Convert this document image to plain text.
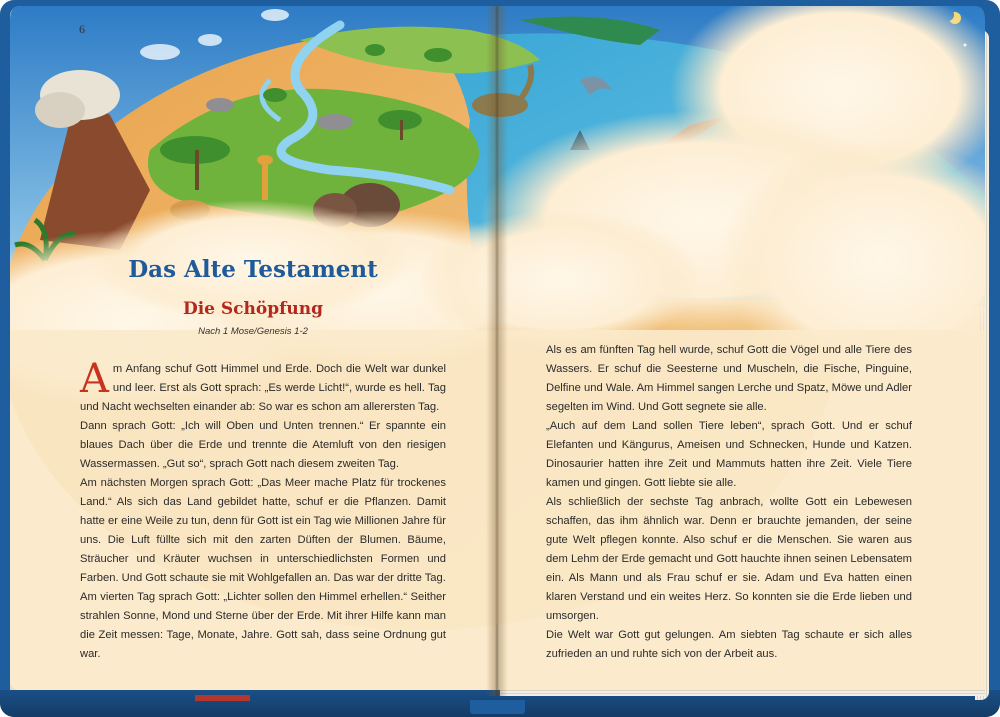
6
Das Alte Testament
Die Schöpfung

Nach 1 Mose/Genesis 1-2

Am Anfang schuf Gott Himmel und Erde. Doch die Welt war dunkel und leer. Erst als Gott sprach: „Es werde Licht!“, wurde es hell. Tag und Nacht wechselten einander ab: So war es schon am allerersten Tag.

Dann sprach Gott: „Ich will Oben und Unten trennen.“ Er spannte ein blaues Dach über die Erde und trennte die Atemluft von den riesigen Wassermassen. „Gut so“, sprach Gott nach diesem zweiten Tag.

Am nächsten Morgen sprach Gott: „Das Meer mache Platz für trockenes Land.“ Als sich das Land gebildet hatte, schuf er die Pflanzen. Damit hatte er eine Weile zu tun, denn für Gott ist ein Tag wie Millionen Jahre für uns. Die Luft füllte sich mit den zarten Düften der Blumen. Bäume, Sträucher und Kräuter wuchsen in unterschiedlichsten Formen und Farben. Und Gott schaute sie mit Wohlgefallen an. Das war der dritte Tag.

Am vierten Tag sprach Gott: „Lichter sollen den Himmel erhellen.“ Seither strahlen Sonne, Mond und Sterne über der Erde. Mit ihrer Hilfe kann man die Zeit messen: Tage, Monate, Jahre. Gott sah, dass seine Ordnung gut war.

Als es am fünften Tag hell wurde, schuf Gott die Vögel und alle Tiere des Wassers. Er schuf die Seesterne und Muscheln, die Fische, Pinguine, Delfine und Wale. Am Himmel sangen Lerche und Spatz, Möwe und Adler segelten im Wind. Und Gott segnete sie alle.

„Auch auf dem Land sollen Tiere leben“, sprach Gott. Und er schuf Elefanten und Kängurus, Ameisen und Schnecken, Hunde und Katzen. Dinosaurier hatten ihre Zeit und Mammuts hatten ihre Zeit. Viele Tiere kamen und gingen. Gott liebte sie alle.

Als schließlich der sechste Tag anbrach, wollte Gott ein Lebewesen schaffen, das ihm ähnlich war. Denn er brauchte jemanden, der seine gute Welt pflegen konnte. Also schuf er die Menschen. Sie waren aus dem Lehm der Erde gemacht und Gott hauchte ihnen seinen Lebensatem ein. Als Mann und als Frau schuf er sie. Adam und Eva hatten einen klaren Verstand und ein weites Herz. So konnten sie die Erde lieben und umsorgen.

Die Welt war Gott gut gelungen. Am siebten Tag schaute er sich alles zufrieden an und ruhte sich von der Arbeit aus.
